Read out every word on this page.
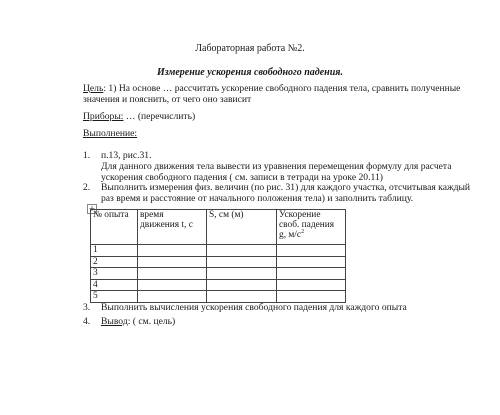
Лабораторная работа №2.
Измерение ускорения свободного падения.
Цель: 1) На основе … рассчитать ускорение свободного падения тела, сравнить полученные значения и пояснить, от чего оно зависит
Приборы: … (перечислить)
Выполнение:
1.	п.13, рис.31.
Для данного движения тела вывести из уравнения перемещения формулу для расчета ускорения свободного падения ( см. записи в тетради на уроке 20.11)
2.	Выполнить измерения физ. величин (по рис. 31) для каждого участка, отсчитывая каждый раз время и расстояние от начального положения тела) и заполнить таблицу.
+
№ опыта	время движения t, с	S, см (м)	Ускорение своб. падения g, $м/с^2$
1			
2			
3			
4			
5			
3.	Выполнить вычисления ускорения свободного падения для каждого опыта
4.	Вывод: ( см. цель)
